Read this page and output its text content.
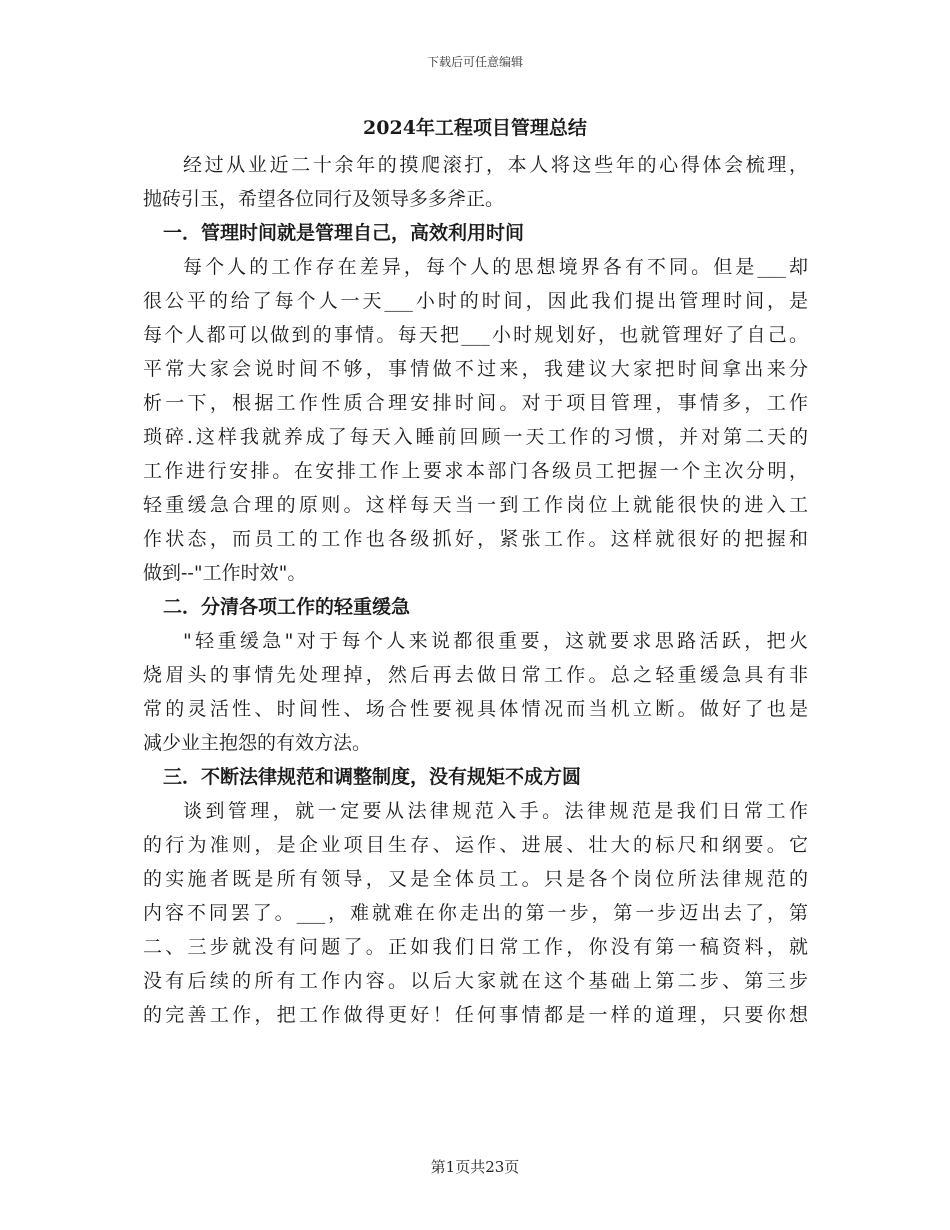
下载后可任意编辑
2024年工程项目管理总结
经过从业近二十余年的摸爬滚打，本人将这些年的心得体会梳理，
抛砖引玉，希望各位同行及领导多多斧正。
一．管理时间就是管理自己，高效利用时间
每个人的工作存在差异，每个人的思想境界各有不同。但是___却
很公平的给了每个人一天___小时的时间，因此我们提出管理时间，是
每个人都可以做到的事情。每天把___小时规划好，也就管理好了自己。
平常大家会说时间不够，事情做不过来，我建议大家把时间拿出来分
析一下，根据工作性质合理安排时间。对于项目管理，事情多，工作
琐碎.这样我就养成了每天入睡前回顾一天工作的习惯，并对第二天的
工作进行安排。在安排工作上要求本部门各级员工把握一个主次分明，
轻重缓急合理的原则。这样每天当一到工作岗位上就能很快的进入工
作状态，而员工的工作也各级抓好，紧张工作。这样就很好的把握和
做到--"工作时效"。
二．分清各项工作的轻重缓急
"轻重缓急"对于每个人来说都很重要，这就要求思路活跃，把火
烧眉头的事情先处理掉，然后再去做日常工作。总之轻重缓急具有非
常的灵活性、时间性、场合性要视具体情况而当机立断。做好了也是
减少业主抱怨的有效方法。
三．不断法律规范和调整制度，没有规矩不成方圆
谈到管理，就一定要从法律规范入手。法律规范是我们日常工作
的行为准则，是企业项目生存、运作、进展、壮大的标尺和纲要。它
的实施者既是所有领导，又是全体员工。只是各个岗位所法律规范的
内容不同罢了。___，难就难在你走出的第一步，第一步迈出去了，第
二、三步就没有问题了。正如我们日常工作，你没有第一稿资料，就
没有后续的所有工作内容。以后大家就在这个基础上第二步、第三步
的完善工作，把工作做得更好！任何事情都是一样的道理，只要你想
第1页共23页
